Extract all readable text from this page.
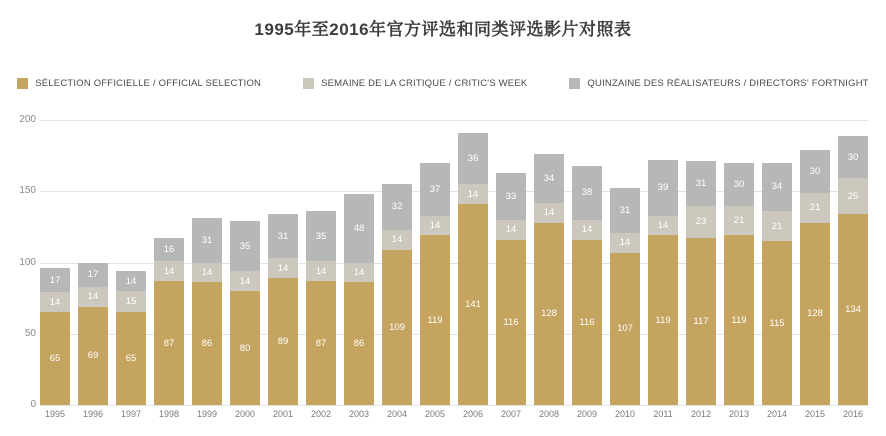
1995年至2016年官方评选和同类评选影片对照表
SÉLECTION OFFICIELLE / OFFICIAL SELECTION	SEMAINE DE LA CRITIQUE / CRITIC'S WEEK	QUINZAINE DES RÉALISATEURS / DIRECTORS' FORTNIGHT
0
50
100
150
200
17
14
65
17
14
69
14
15
65
16
14
87
31
14
86
35
14
80
31
14
89
35
14
87
48
14
86
32
14
109
37
14
119
36
14
141
33
14
116
34
14
128
38
14
116
31
14
107
39
14
119
31
23
117
30
21
119
34
21
115
30
21
128
30
25
134
1995	1996	1997	1998	1999	2000	2001	2002	2003	2004	2005	2006	2007	2008	2009	2010	2011	2012	2013	2014	2015	2016
